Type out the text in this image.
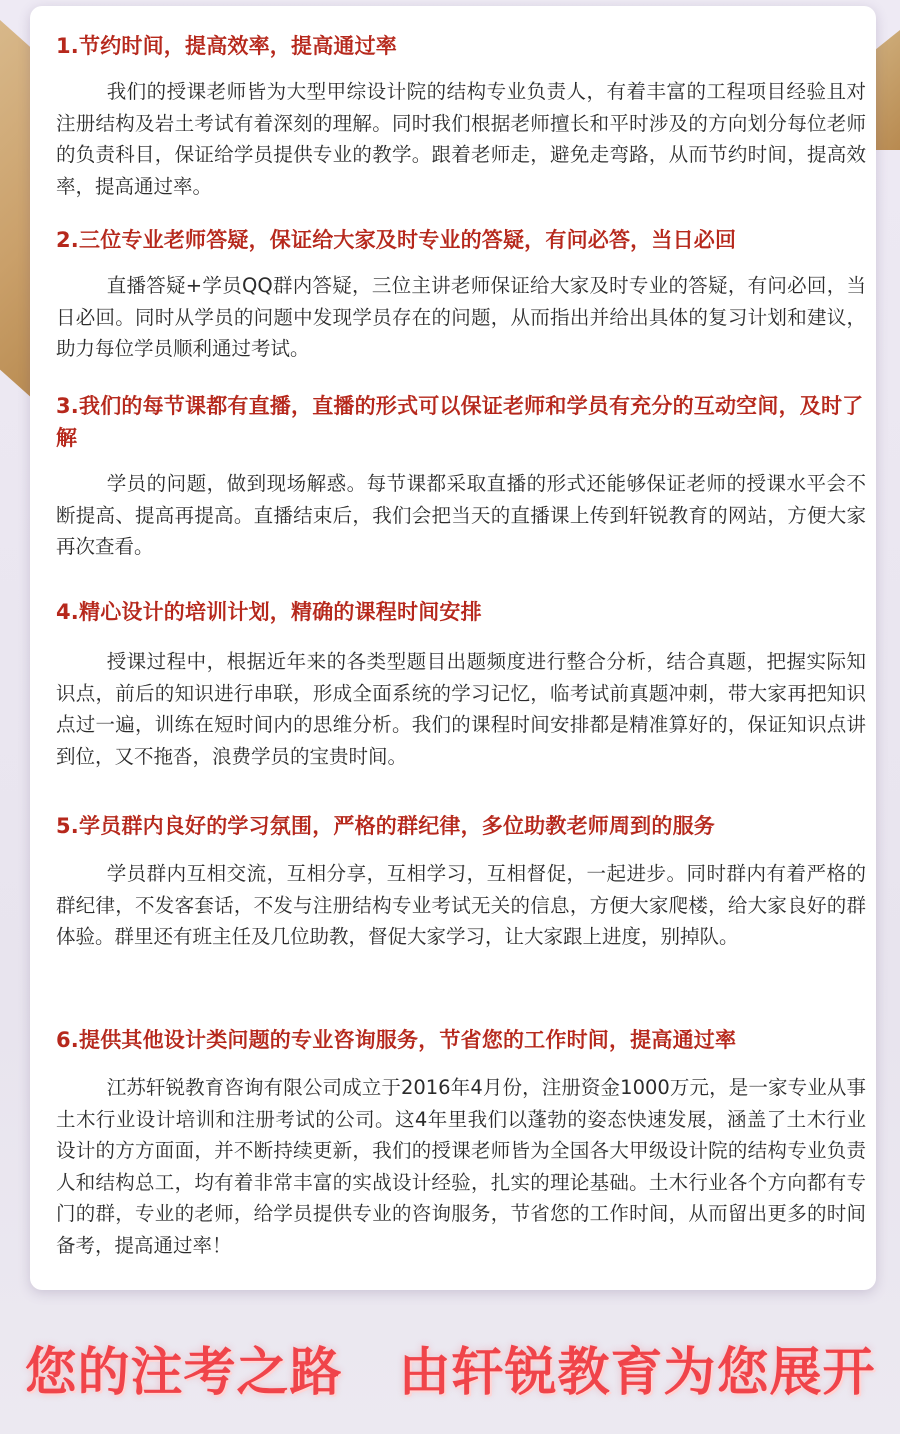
1.节约时间，提高效率，提高通过率

我们的授课老师皆为大型甲综设计院的结构专业负责人，有着丰富的工程项目经验且对注册结构及岩土考试有着深刻的理解。同时我们根据老师擅长和平时涉及的方向划分每位老师的负责科目，保证给学员提供专业的教学。跟着老师走，避免走弯路，从而节约时间，提高效率，提高通过率。

2.三位专业老师答疑，保证给大家及时专业的答疑，有问必答，当日必回

直播答疑+学员QQ群内答疑，三位主讲老师保证给大家及时专业的答疑，有问必回，当日必回。同时从学员的问题中发现学员存在的问题，从而指出并给出具体的复习计划和建议，助力每位学员顺利通过考试。

3.我们的每节课都有直播，直播的形式可以保证老师和学员有充分的互动空间，及时了解

学员的问题，做到现场解惑。每节课都采取直播的形式还能够保证老师的授课水平会不断提高、提高再提高。直播结束后，我们会把当天的直播课上传到轩锐教育的网站，方便大家再次查看。

4.精心设计的培训计划，精确的课程时间安排

授课过程中，根据近年来的各类型题目出题频度进行整合分析，结合真题，把握实际知识点，前后的知识进行串联，形成全面系统的学习记忆，临考试前真题冲刺，带大家再把知识点过一遍，训练在短时间内的思维分析。我们的课程时间安排都是精准算好的，保证知识点讲到位，又不拖沓，浪费学员的宝贵时间。

5.学员群内良好的学习氛围，严格的群纪律，多位助教老师周到的服务

学员群内互相交流，互相分享，互相学习，互相督促，一起进步。同时群内有着严格的群纪律，不发客套话，不发与注册结构专业考试无关的信息，方便大家爬楼，给大家良好的群体验。群里还有班主任及几位助教，督促大家学习，让大家跟上进度，别掉队。

6.提供其他设计类问题的专业咨询服务，节省您的工作时间，提高通过率

江苏轩锐教育咨询有限公司成立于2016年4月份，注册资金1000万元，是一家专业从事土木行业设计培训和注册考试的公司。这4年里我们以蓬勃的姿态快速发展，涵盖了土木行业设计的方方面面，并不断持续更新，我们的授课老师皆为全国各大甲级设计院的结构专业负责人和结构总工，均有着非常丰富的实战设计经验，扎实的理论基础。土木行业各个方向都有专门的群，专业的老师，给学员提供专业的咨询服务，节省您的工作时间，从而留出更多的时间备考，提高通过率！

您的注考之路 由轩锐教育为您展开
